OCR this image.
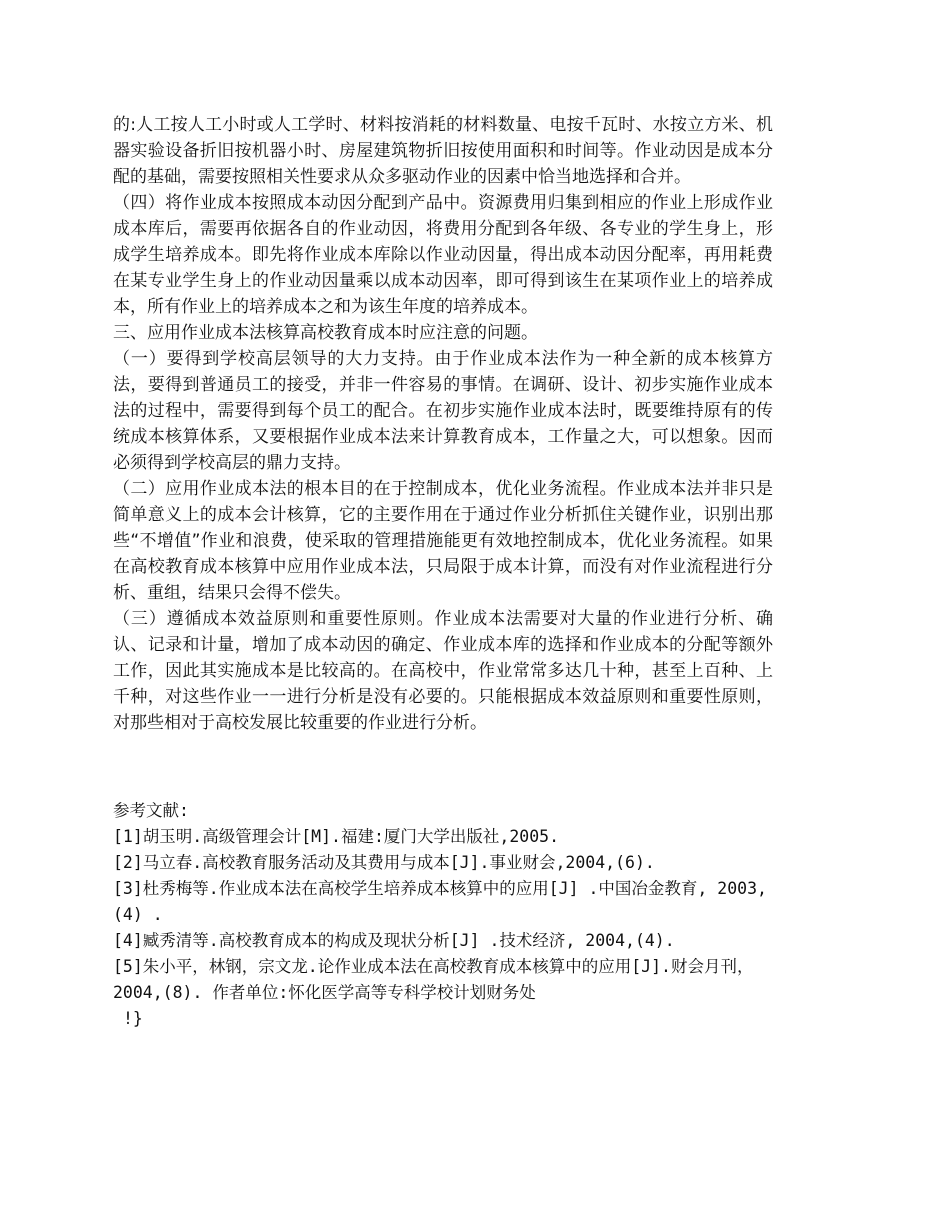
的:人工按人工小时或人工学时、材料按消耗的材料数量、电按千瓦时、水按立方米、机器实验设备折旧按机器小时、房屋建筑物折旧按使用面积和时间等。作业动因是成本分配的基础，需要按照相关性要求从众多驱动作业的因素中恰当地选择和合并。

（四）将作业成本按照成本动因分配到产品中。资源费用归集到相应的作业上形成作业成本库后，需要再依据各自的作业动因，将费用分配到各年级、各专业的学生身上，形成学生培养成本。即先将作业成本库除以作业动因量，得出成本动因分配率，再用耗费在某专业学生身上的作业动因量乘以成本动因率，即可得到该生在某项作业上的培养成本，所有作业上的培养成本之和为该生年度的培养成本。

三、应用作业成本法核算高校教育成本时应注意的问题。

（一）要得到学校高层领导的大力支持。由于作业成本法作为一种全新的成本核算方法，要得到普通员工的接受，并非一件容易的事情。在调研、设计、初步实施作业成本法的过程中，需要得到每个员工的配合。在初步实施作业成本法时，既要维持原有的传统成本核算体系，又要根据作业成本法来计算教育成本，工作量之大，可以想象。因而必须得到学校高层的鼎力支持。

（二）应用作业成本法的根本目的在于控制成本，优化业务流程。作业成本法并非只是简单意义上的成本会计核算，它的主要作用在于通过作业分析抓住关键作业，识别出那些“不增值”作业和浪费，使采取的管理措施能更有效地控制成本，优化业务流程。如果在高校教育成本核算中应用作业成本法，只局限于成本计算，而没有对作业流程进行分析、重组，结果只会得不偿失。

（三）遵循成本效益原则和重要性原则。作业成本法需要对大量的作业进行分析、确认、记录和计量，增加了成本动因的确定、作业成本库的选择和作业成本的分配等额外工作，因此其实施成本是比较高的。在高校中，作业常常多达几十种，甚至上百种、上千种，对这些作业一一进行分析是没有必要的。只能根据成本效益原则和重要性原则，对那些相对于高校发展比较重要的作业进行分析。

参考文献:

[1]胡玉明.高级管理会计[M].福建:厦门大学出版社,2005.

[2]马立春.高校教育服务活动及其费用与成本[J].事业财会,2004,(6).

[3]杜秀梅等.作业成本法在高校学生培养成本核算中的应用[J] .中国冶金教育, 2003,(4) .

[4]臧秀清等.高校教育成本的构成及现状分析[J] .技术经济, 2004,(4).

[5]朱小平，林钢，宗文龙.论作业成本法在高校教育成本核算中的应用[J].财会月刊，2004,(8). 作者单位:怀化医学高等专科学校计划财务处

!}
